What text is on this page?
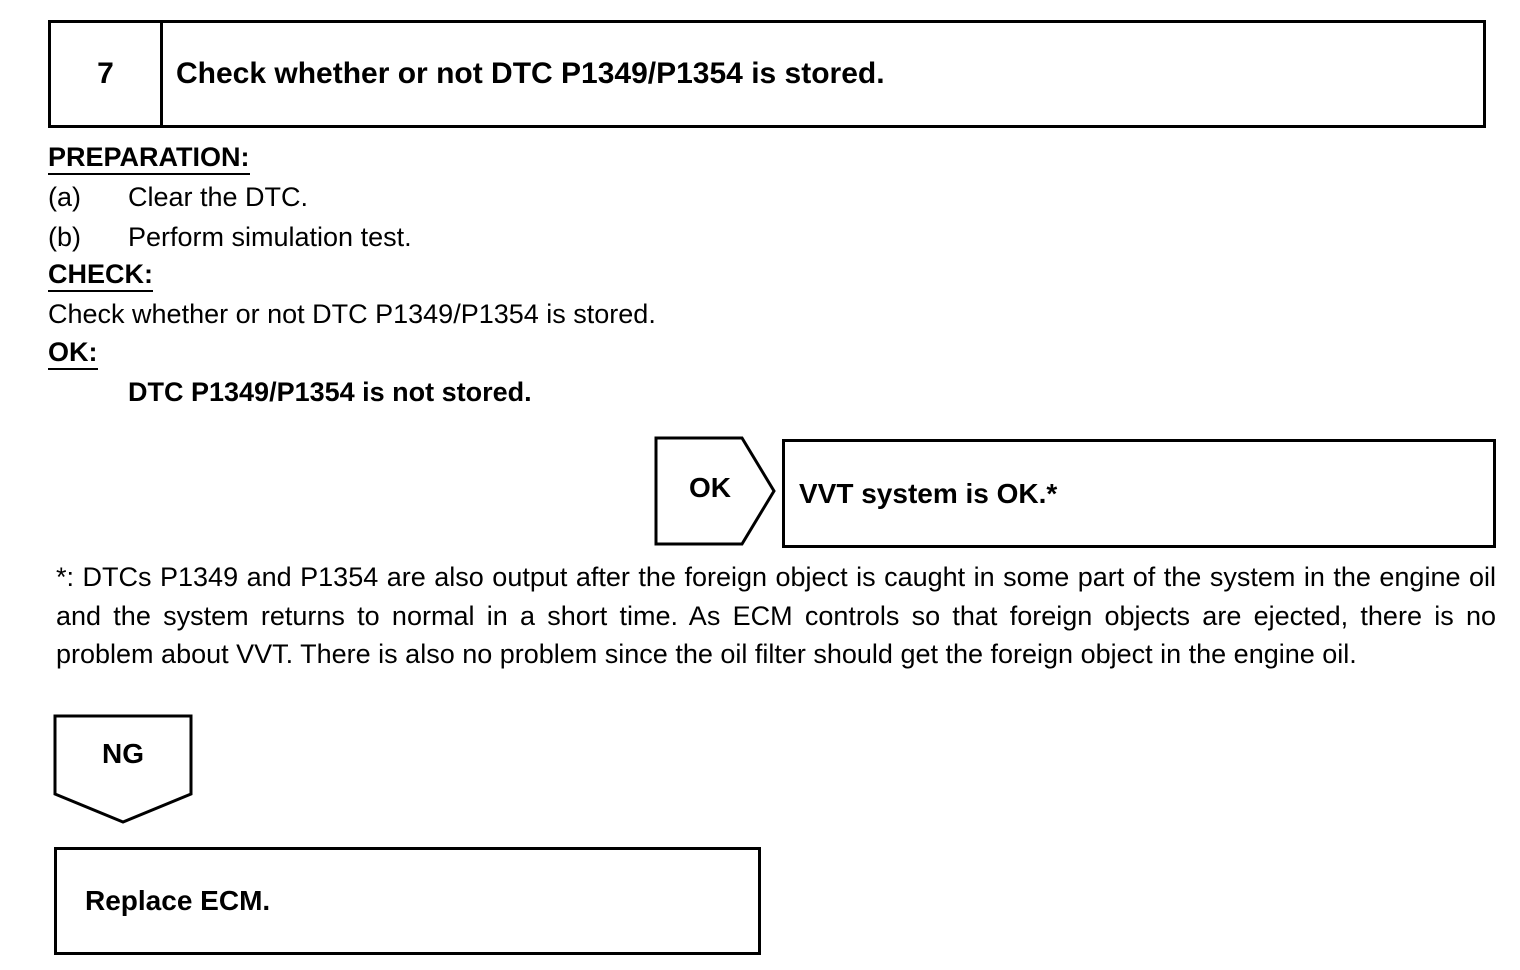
7	Check whether or not DTC P1349/P1354 is stored.
PREPARATION:
(a) Clear the DTC.
(b) Perform simulation test.
CHECK:
Check whether or not DTC P1349/P1354 is stored.
OK:
DTC P1349/P1354 is not stored.
OK	VVT system is OK.*
*: DTCs P1349 and P1354 are also output after the foreign object is caught in some part of the system in the engine oil and the system returns to normal in a short time. As ECM controls so that foreign objects are ejected, there is no problem about VVT. There is also no problem since the oil filter should get the foreign object in the engine oil.
NG
Replace ECM.
